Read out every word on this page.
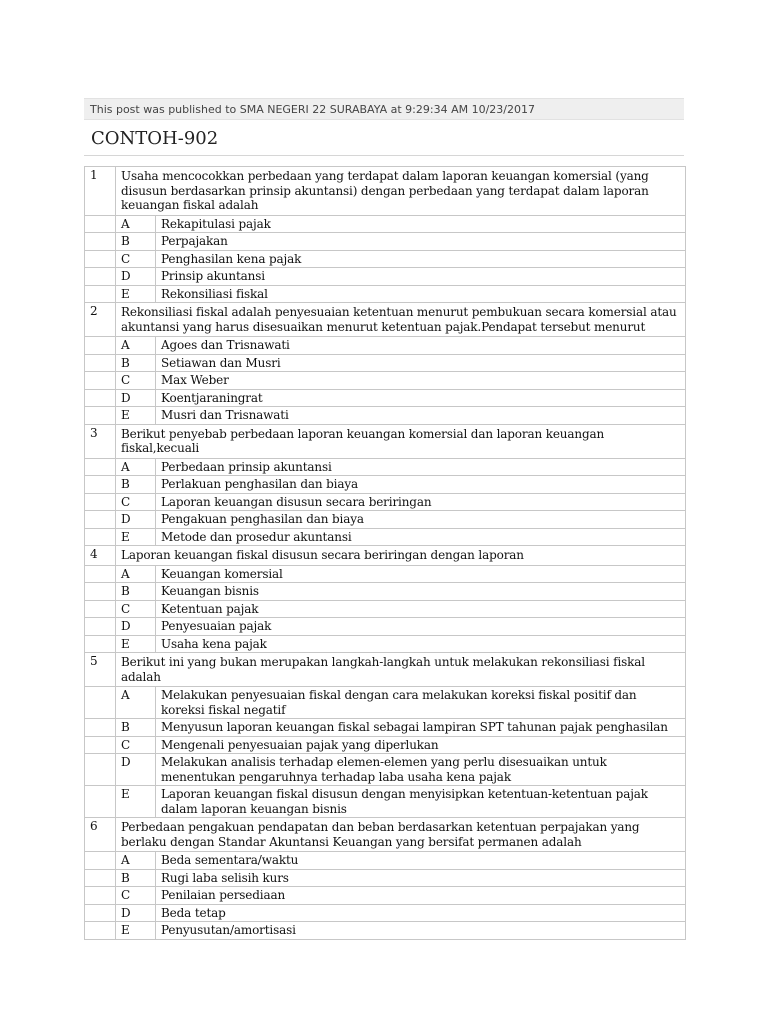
This post was published to SMA NEGERI 22 SURABAYA at 9:29:34 AM 10/23/2017
CONTOH-902
1	Usaha mencocokkan perbedaan yang terdapat dalam laporan keuangan komersial (yang disusun berdasarkan prinsip akuntansi) dengan perbedaan yang terdapat dalam laporan keuangan fiskal adalah	
	A	Rekapitulasi pajak
	B	Perpajakan
	C	Penghasilan kena pajak
	D	Prinsip akuntansi
	E	Rekonsiliasi fiskal
2	Rekonsiliasi fiskal adalah penyesuaian ketentuan menurut pembukuan secara komersial atau akuntansi yang harus disesuaikan menurut ketentuan pajak.Pendapat tersebut menurut	
	A	Agoes dan Trisnawati
	B	Setiawan dan Musri
	C	Max Weber
	D	Koentjaraningrat
	E	Musri dan Trisnawati
3	Berikut penyebab perbedaan laporan keuangan komersial dan laporan keuangan fiskal,kecuali	
	A	Perbedaan prinsip akuntansi
	B	Perlakuan penghasilan dan biaya
	C	Laporan keuangan disusun secara beriringan
	D	Pengakuan penghasilan dan biaya
	E	Metode dan prosedur akuntansi
4	Laporan keuangan fiskal disusun secara beriringan dengan laporan	
	A	Keuangan komersial
	B	Keuangan bisnis
	C	Ketentuan pajak
	D	Penyesuaian pajak
	E	Usaha kena pajak
5	Berikut ini yang bukan merupakan langkah-langkah untuk melakukan rekonsiliasi fiskal adalah	
	A	Melakukan penyesuaian fiskal dengan cara melakukan koreksi fiskal positif dan koreksi fiskal negatif
	B	Menyusun laporan keuangan fiskal sebagai lampiran SPT tahunan pajak penghasilan
	C	Mengenali penyesuaian pajak yang diperlukan
	D	Melakukan analisis terhadap elemen-elemen yang perlu disesuaikan untuk menentukan pengaruhnya terhadap laba usaha kena pajak
	E	Laporan keuangan fiskal disusun dengan menyisipkan ketentuan-ketentuan pajak dalam laporan keuangan bisnis
6	Perbedaan pengakuan pendapatan dan beban berdasarkan ketentuan perpajakan yang berlaku dengan Standar Akuntansi Keuangan yang bersifat permanen adalah	
	A	Beda sementara/waktu
	B	Rugi laba selisih kurs
	C	Penilaian persediaan
	D	Beda tetap
	E	Penyusutan/amortisasi
